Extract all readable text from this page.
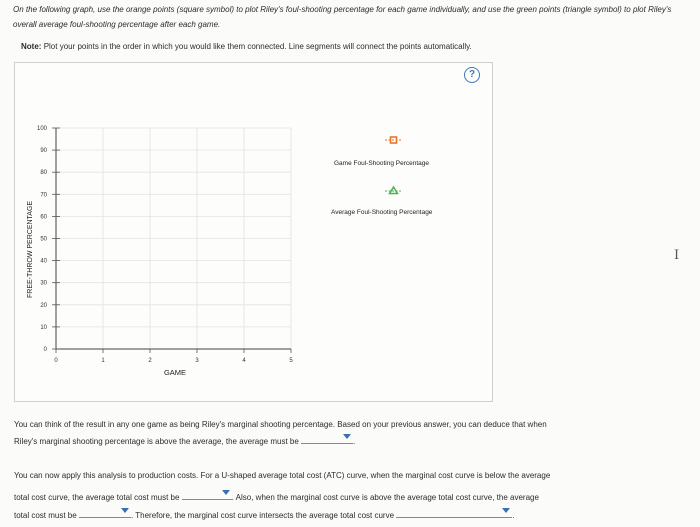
On the following graph, use the orange points (square symbol) to plot Riley's foul-shooting percentage for each game individually, and use the green points (triangle symbol) to plot Riley's overall average foul-shooting percentage after each game.
Note: Plot your points in the order in which you would like them connected. Line segments will connect the points automatically.
?
0	1	2	3	4	5
0
10
20
30
40
50
60
70
80
90
100
FREE-THROW PERCENTAGE
GAME
Game Foul-Shooting Percentage
Average Foul-Shooting Percentage
I
You can think of the result in any one game as being Riley's marginal shooting percentage. Based on your previous answer, you can deduce that when
Riley's marginal shooting percentage is above the average, the average must be	.
You can now apply this analysis to production costs. For a U-shaped average total cost (ATC) curve, when the marginal cost curve is below the average
total cost curve, the average total cost must be	. Also, when the marginal cost curve is above the average total cost curve, the average
total cost must be	. Therefore, the marginal cost curve intersects the average total cost curve	.
